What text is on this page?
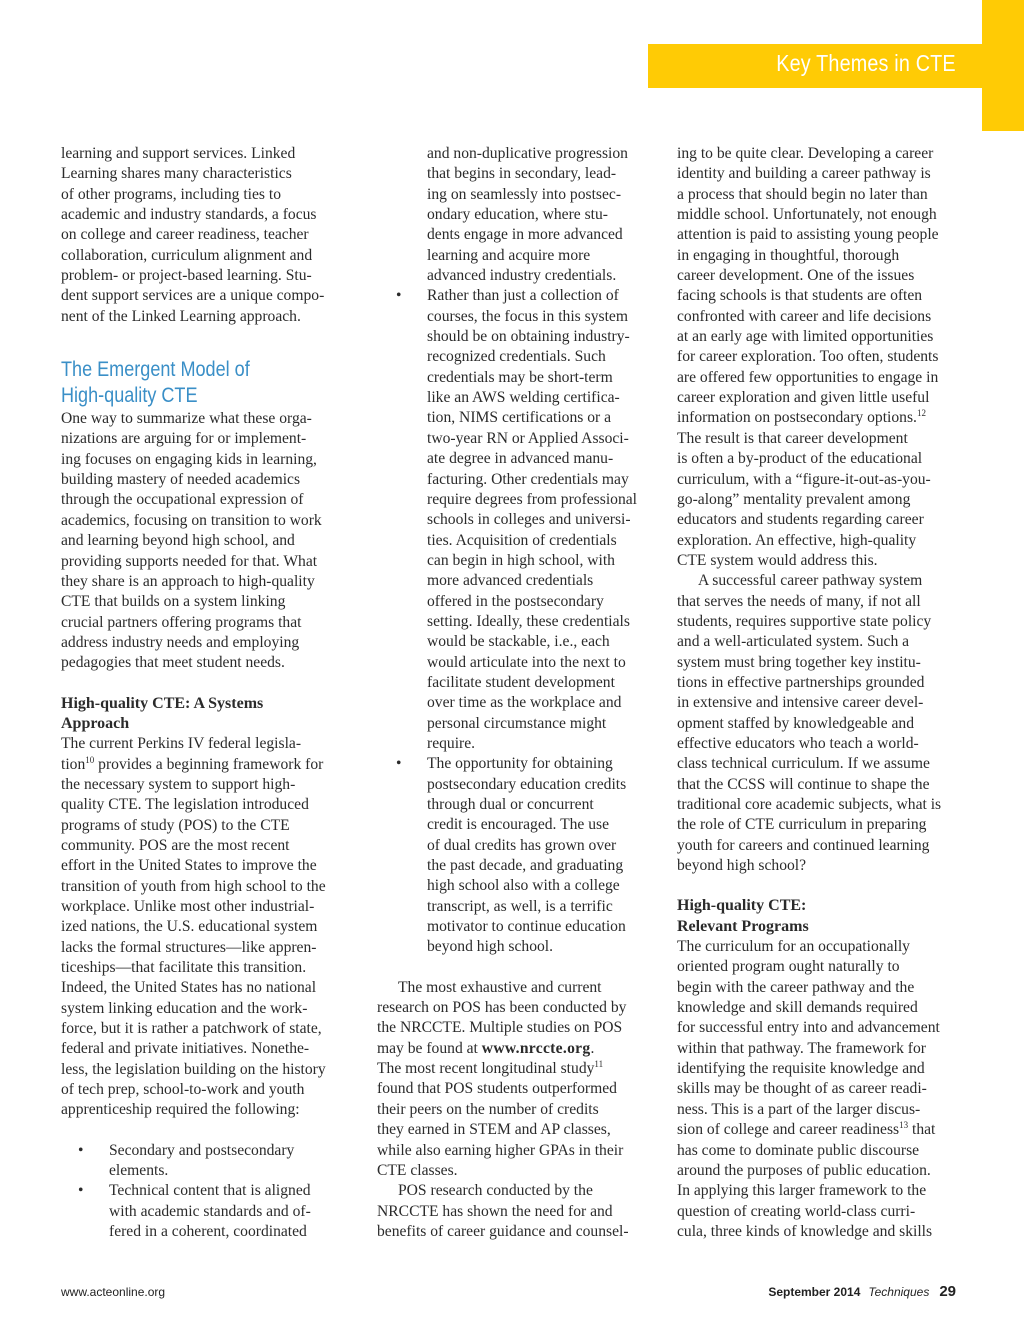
Key Themes in CTE

learning and support services. Linked
Learning shares many characteristics
of other programs, including ties to
academic and industry standards, a focus
on college and career readiness, teacher
collaboration, curriculum alignment and
problem- or project-based learning. Stu-
dent support services are a unique compo-
nent of the Linked Learning approach.

The Emergent Model of
High-quality CTE

One way to summarize what these orga-
nizations are arguing for or implement-
ing focuses on engaging kids in learning,
building mastery of needed academics
through the occupational expression of
academics, focusing on transition to work
and learning beyond high school, and
providing supports needed for that. What
they share is an approach to high-quality
CTE that builds on a system linking
crucial partners offering programs that
address industry needs and employing
pedagogies that meet student needs.

High-quality CTE: A Systems
Approach

The current Perkins IV federal legisla-
tion$^{10}$ provides a beginning framework for
the necessary system to support high-
quality CTE. The legislation introduced
programs of study (POS) to the CTE
community. POS are the most recent
effort in the United States to improve the
transition of youth from high school to the
workplace. Unlike most other industrial-
ized nations, the U.S. educational system
lacks the formal structures—like appren-
ticeships—that facilitate this transition.
Indeed, the United States has no national
system linking education and the work-
force, but it is rather a patchwork of state,
federal and private initiatives. Nonethe-
less, the legislation building on the history
of tech prep, school-to-work and youth
apprenticeship required the following:

• Secondary and postsecondary
elements.
• Technical content that is aligned
with academic standards and of-
fered in a coherent, coordinated
and non-duplicative progression
that begins in secondary, lead-
ing on seamlessly into postsec-
ondary education, where stu-
dents engage in more advanced
learning and acquire more
advanced industry credentials.
• Rather than just a collection of
courses, the focus in this system
should be on obtaining industry-
recognized credentials. Such
credentials may be short-term
like an AWS welding certifica-
tion, NIMS certifications or a
two-year RN or Applied Associ-
ate degree in advanced manu-
facturing. Other credentials may
require degrees from professional
schools in colleges and universi-
ties. Acquisition of credentials
can begin in high school, with
more advanced credentials
offered in the postsecondary
setting. Ideally, these credentials
would be stackable, i.e., each
would articulate into the next to
facilitate student development
over time as the workplace and
personal circumstance might
require.
• The opportunity for obtaining
postsecondary education credits
through dual or concurrent
credit is encouraged. The use
of dual credits has grown over
the past decade, and graduating
high school also with a college
transcript, as well, is a terrific
motivator to continue education
beyond high school.

The most exhaustive and current
research on POS has been conducted by
the NRCCTE. Multiple studies on POS
may be found at www.nrccte.org.
The most recent longitudinal study$^{11}$
found that POS students outperformed
their peers on the number of credits
they earned in STEM and AP classes,
while also earning higher GPAs in their
CTE classes.

POS research conducted by the
NRCCTE has shown the need for and
benefits of career guidance and counsel-

ing to be quite clear. Developing a career
identity and building a career pathway is
a process that should begin no later than
middle school. Unfortunately, not enough
attention is paid to assisting young people
in engaging in thoughtful, thorough
career development. One of the issues
facing schools is that students are often
confronted with career and life decisions
at an early age with limited opportunities
for career exploration. Too often, students
are offered few opportunities to engage in
career exploration and given little useful
information on postsecondary options.$^{12}$
The result is that career development
is often a by-product of the educational
curriculum, with a “figure-it-out-as-you-
go-along” mentality prevalent among
educators and students regarding career
exploration. An effective, high-quality
CTE system would address this.

A successful career pathway system
that serves the needs of many, if not all
students, requires supportive state policy
and a well-articulated system. Such a
system must bring together key institu-
tions in effective partnerships grounded
in extensive and intensive career devel-
opment staffed by knowledgeable and
effective educators who teach a world-
class technical curriculum. If we assume
that the CCSS will continue to shape the
traditional core academic subjects, what is
the role of CTE curriculum in preparing
youth for careers and continued learning
beyond high school?

High-quality CTE:
Relevant Programs

The curriculum for an occupationally
oriented program ought naturally to
begin with the career pathway and the
knowledge and skill demands required
for successful entry into and advancement
within that pathway. The framework for
identifying the requisite knowledge and
skills may be thought of as career readi-
ness. This is a part of the larger discus-
sion of college and career readiness$^{13}$ that
has come to dominate public discourse
around the purposes of public education.
In applying this larger framework to the
question of creating world-class curri-
cula, three kinds of knowledge and skills

www.acteonline.org	September 2014 Techniques 29
